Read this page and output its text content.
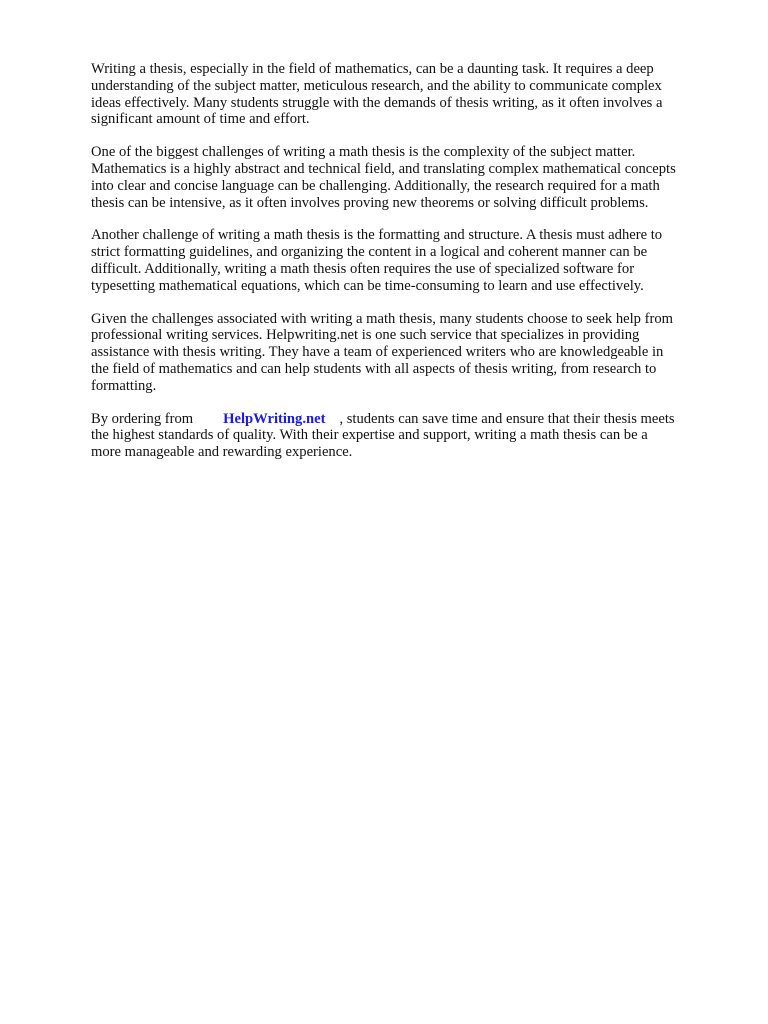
Writing a thesis, especially in the field of mathematics, can be a daunting task. It requires a deep
understanding of the subject matter, meticulous research, and the ability to communicate complex
ideas effectively. Many students struggle with the demands of thesis writing, as it often involves a
significant amount of time and effort.

One of the biggest challenges of writing a math thesis is the complexity of the subject matter.
Mathematics is a highly abstract and technical field, and translating complex mathematical concepts
into clear and concise language can be challenging. Additionally, the research required for a math
thesis can be intensive, as it often involves proving new theorems or solving difficult problems.

Another challenge of writing a math thesis is the formatting and structure. A thesis must adhere to
strict formatting guidelines, and organizing the content in a logical and coherent manner can be
difficult. Additionally, writing a math thesis often requires the use of specialized software for
typesetting mathematical equations, which can be time-consuming to learn and use effectively.

Given the challenges associated with writing a math thesis, many students choose to seek help from
professional writing services. Helpwriting.net is one such service that specializes in providing
assistance with thesis writing. They have a team of experienced writers who are knowledgeable in
the field of mathematics and can help students with all aspects of thesis writing, from research to
formatting.

By ordering from HelpWriting.net , students can save time and ensure that their thesis meets
the highest standards of quality. With their expertise and support, writing a math thesis can be a
more manageable and rewarding experience.
